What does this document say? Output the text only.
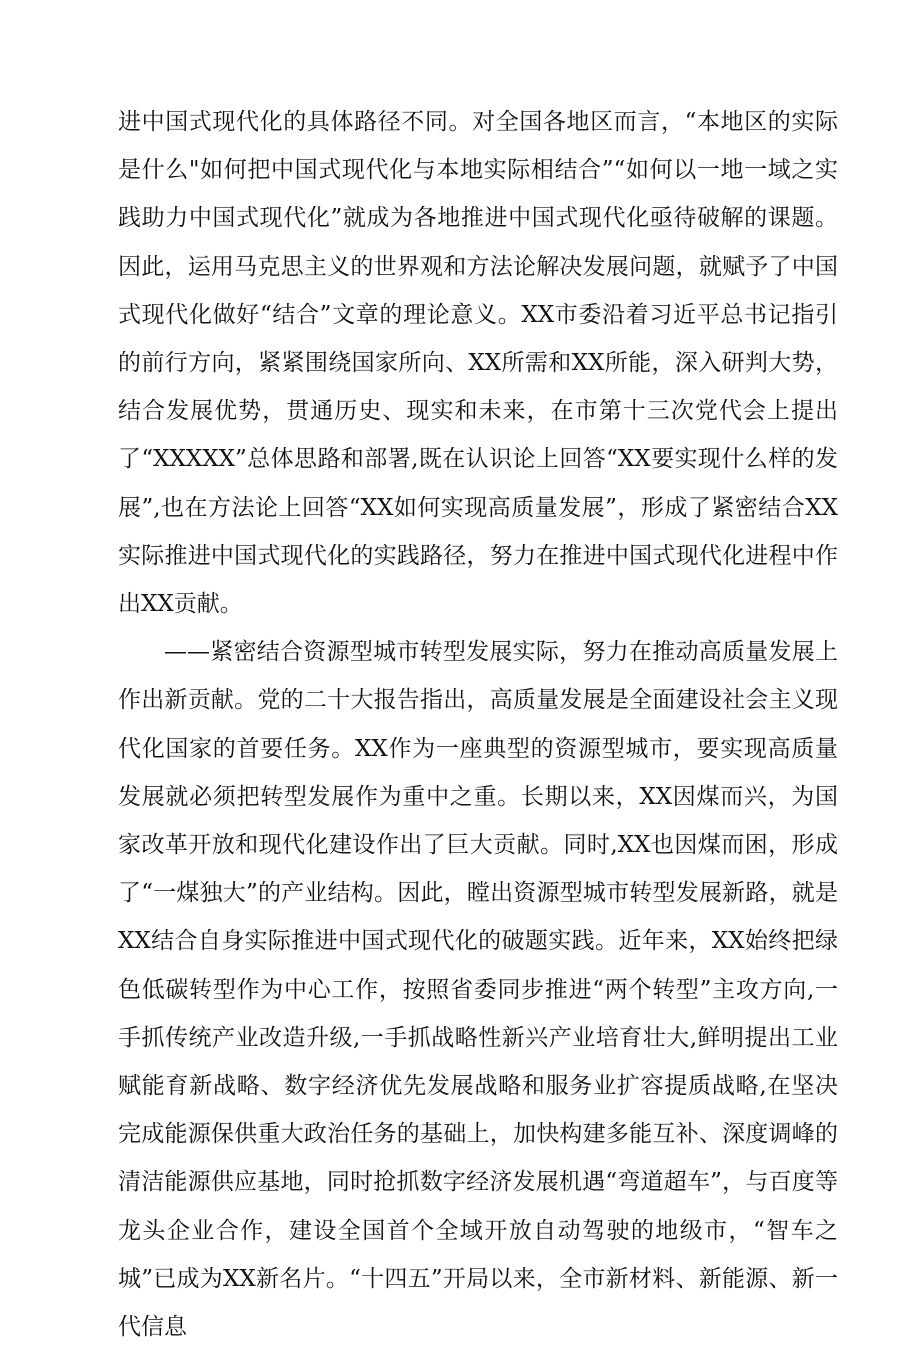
进中国式现代化的具体路径不同。对全国各地区而言，“本地区的实际是什么"如何把中国式现代化与本地实际相结合”“如何以一地一域之实践助力中国式现代化”就成为各地推进中国式现代化亟待破解的课题。因此，运用马克思主义的世界观和方法论解决发展问题，就赋予了中国式现代化做好“结合”文章的理论意义。XX市委沿着习近平总书记指引的前行方向，紧紧围绕国家所向、XX所需和XX所能，深入研判大势，结合发展优势，贯通历史、现实和未来，在市第十三次党代会上提出了“XXXXX”总体思路和部署,既在认识论上回答“XX要实现什么样的发展”,也在方法论上回答“XX如何实现高质量发展”，形成了紧密结合XX实际推进中国式现代化的实践路径，努力在推进中国式现代化进程中作出XX贡献。

——紧密结合资源型城市转型发展实际，努力在推动高质量发展上作出新贡献。党的二十大报告指出，高质量发展是全面建设社会主义现代化国家的首要任务。XX作为一座典型的资源型城市，要实现高质量发展就必须把转型发展作为重中之重。长期以来，XX因煤而兴，为国家改革开放和现代化建设作出了巨大贡献。同时,XX也因煤而困，形成了“一煤独大”的产业结构。因此，瞠出资源型城市转型发展新路，就是XX结合自身实际推进中国式现代化的破题实践。近年来，XX始终把绿色低碳转型作为中心工作，按照省委同步推进“两个转型”主攻方向,一手抓传统产业改造升级,一手抓战略性新兴产业培育壮大,鲜明提出工业赋能育新战略、数字经济优先发展战略和服务业扩容提质战略,在坚决完成能源保供重大政治任务的基础上，加快构建多能互补、深度调峰的清洁能源供应基地，同时抢抓数字经济发展机遇“弯道超车”，与百度等龙头企业合作，建设全国首个全域开放自动驾驶的地级市，“智车之城”已成为XX新名片。“十四五”开局以来，全市新材料、新能源、新一代信息
